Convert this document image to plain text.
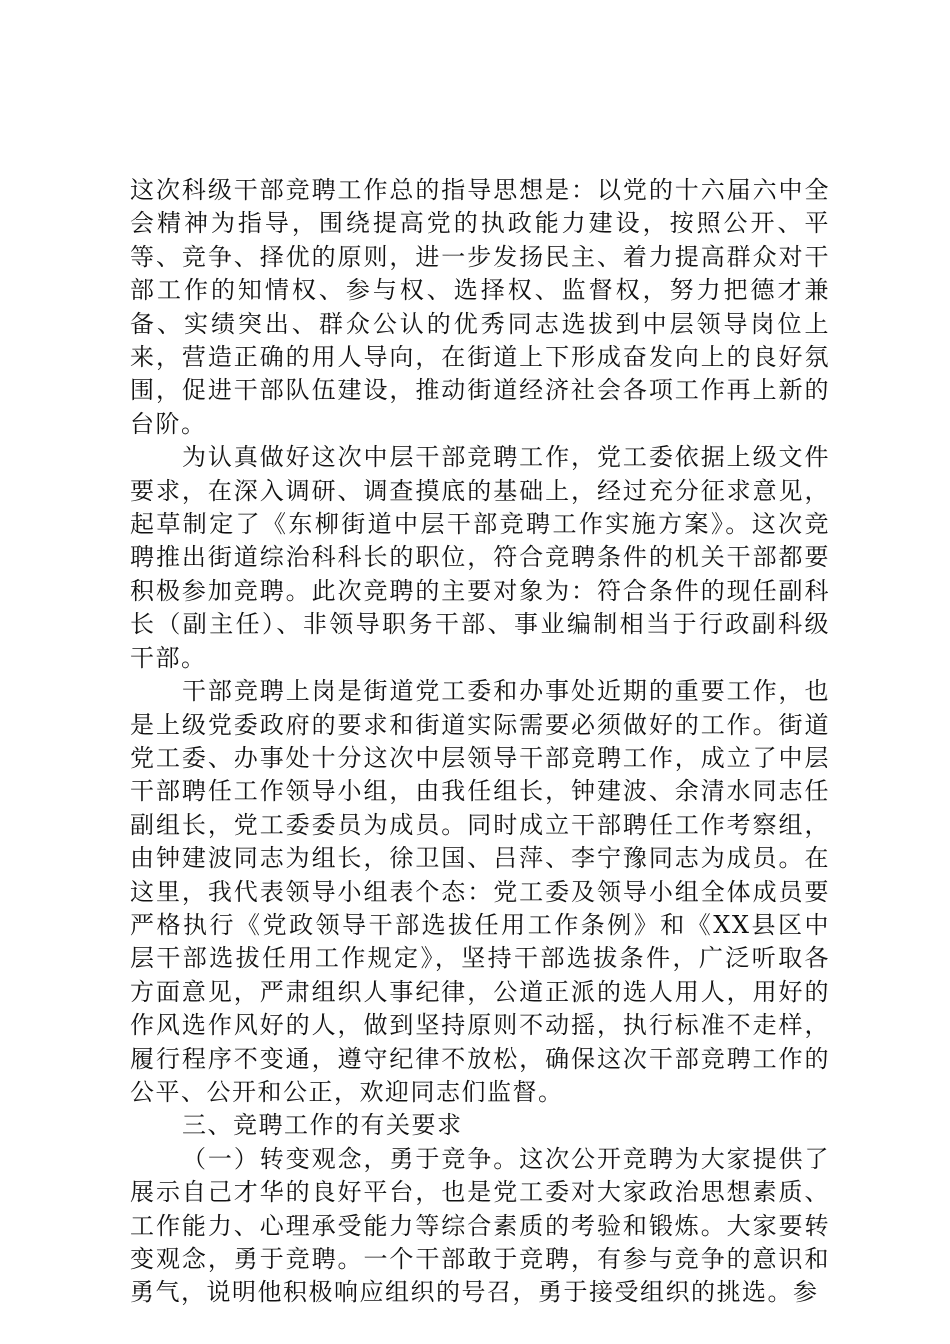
这次科级干部竞聘工作总的指导思想是：以党的十六届六中全会精神为指导，围绕提高党的执政能力建设，按照公开、平等、竞争、择优的原则，进一步发扬民主、着力提高群众对干部工作的知情权、参与权、选择权、监督权，努力把德才兼备、实绩突出、群众公认的优秀同志选拔到中层领导岗位上来，营造正确的用人导向，在街道上下形成奋发向上的良好氛围，促进干部队伍建设，推动街道经济社会各项工作再上新的台阶。

为认真做好这次中层干部竞聘工作，党工委依据上级文件要求，在深入调研、调查摸底的基础上，经过充分征求意见，起草制定了《东柳街道中层干部竞聘工作实施方案》。这次竞聘推出街道综治科科长的职位，符合竞聘条件的机关干部都要积极参加竞聘。此次竞聘的主要对象为：符合条件的现任副科长（副主任）、非领导职务干部、事业编制相当于行政副科级干部。

干部竞聘上岗是街道党工委和办事处近期的重要工作，也是上级党委政府的要求和街道实际需要必须做好的工作。街道党工委、办事处十分这次中层领导干部竞聘工作，成立了中层干部聘任工作领导小组，由我任组长，钟建波、余清水同志任副组长，党工委委员为成员。同时成立干部聘任工作考察组，由钟建波同志为组长，徐卫国、吕萍、李宁豫同志为成员。在这里，我代表领导小组表个态：党工委及领导小组全体成员要严格执行《党政领导干部选拔任用工作条例》和《XX县区中层干部选拔任用工作规定》，坚持干部选拔条件，广泛听取各方面意见，严肃组织人事纪律，公道正派的选人用人，用好的作风选作风好的人，做到坚持原则不动摇，执行标准不走样，履行程序不变通，遵守纪律不放松，确保这次干部竞聘工作的公平、公开和公正，欢迎同志们监督。

三、竞聘工作的有关要求

（一）转变观念，勇于竞争。这次公开竞聘为大家提供了展示自己才华的良好平台，也是党工委对大家政治思想素质、工作能力、心理承受能力等综合素质的考验和锻炼。大家要转变观念，勇于竞聘。一个干部敢于竞聘，有参与竞争的意识和勇气，说明他积极响应组织的号召，勇于接受组织的挑选。参
